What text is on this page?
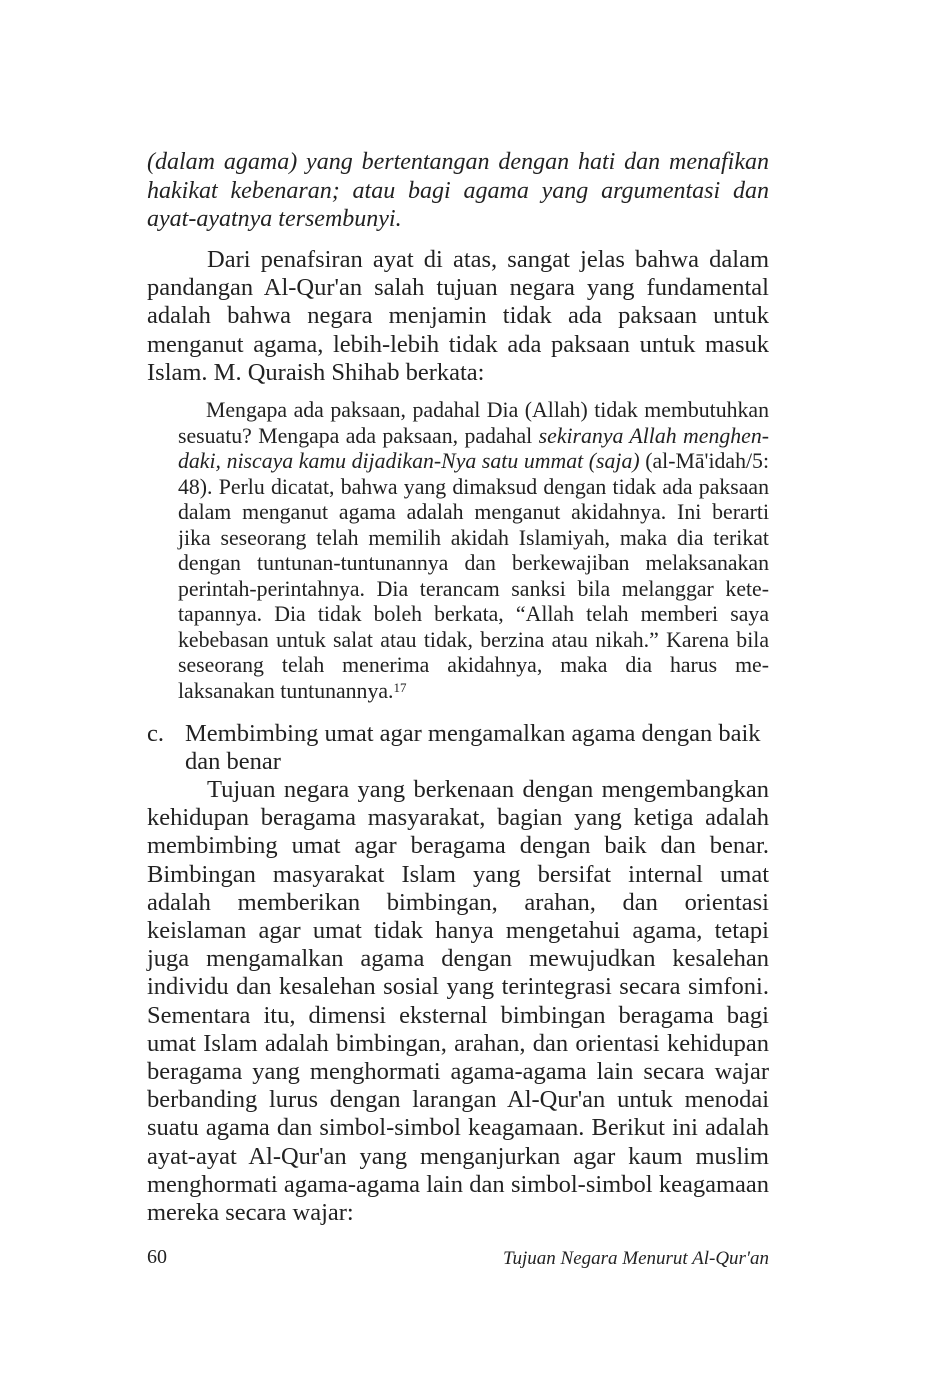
(dalam agama) yang bertentangan dengan hati dan menafikan hakikat kebenaran; atau bagi agama yang argumentasi dan ayat-ayatnya tersembunyi.

Dari penafsiran ayat di atas, sangat jelas bahwa dalam pandangan Al-Qur'an salah tujuan negara yang fundamental adalah bahwa negara menjamin tidak ada paksaan untuk menganut agama, lebih-lebih tidak ada paksaan untuk masuk Islam. M. Quraish Shihab berkata:

Mengapa ada paksaan, padahal Dia (Allah) tidak membutuhkan sesuatu? Mengapa ada paksaan, padahal sekiranya Allah menghen-daki, niscaya kamu dijadikan-Nya satu ummat (saja) (al-Mā'idah/5: 48). Perlu dicatat, bahwa yang dimaksud dengan tidak ada paksaan dalam menganut agama adalah menganut akidahnya. Ini berarti jika seseorang telah memilih akidah Islamiyah, maka dia terikat dengan tuntunan-tuntunannya dan berkewajiban melaksanakan perintah-perintahnya. Dia terancam sanksi bila melanggar kete-tapannya. Dia tidak boleh berkata, “Allah telah memberi saya kebebasan untuk salat atau tidak, berzina atau nikah.” Karena bila seseorang telah menerima akidahnya, maka dia harus me-laksanakan tuntunannya.$^{17}$

c. Membimbing umat agar mengamalkan agama dengan baik dan benar

Tujuan negara yang berkenaan dengan mengembangkan kehidupan beragama masyarakat, bagian yang ketiga adalah membimbing umat agar beragama dengan baik dan benar. Bimbingan masyarakat Islam yang bersifat internal umat adalah memberikan bimbingan, arahan, dan orientasi keislaman agar umat tidak hanya mengetahui agama, tetapi juga mengamalkan agama dengan mewujudkan kesalehan individu dan kesalehan sosial yang terintegrasi secara simfoni. Sementara itu, dimensi eksternal bimbingan beragama bagi umat Islam adalah bimbingan, arahan, dan orientasi kehidupan beragama yang menghormati agama-agama lain secara wajar berbanding lurus dengan larangan Al-Qur'an untuk menodai suatu agama dan simbol-simbol keagamaan. Berikut ini adalah ayat-ayat Al-Qur'an yang menganjurkan agar kaum muslim menghormati agama-agama lain dan simbol-simbol keagamaan mereka secara wajar:

60	Tujuan Negara Menurut Al-Qur'an
